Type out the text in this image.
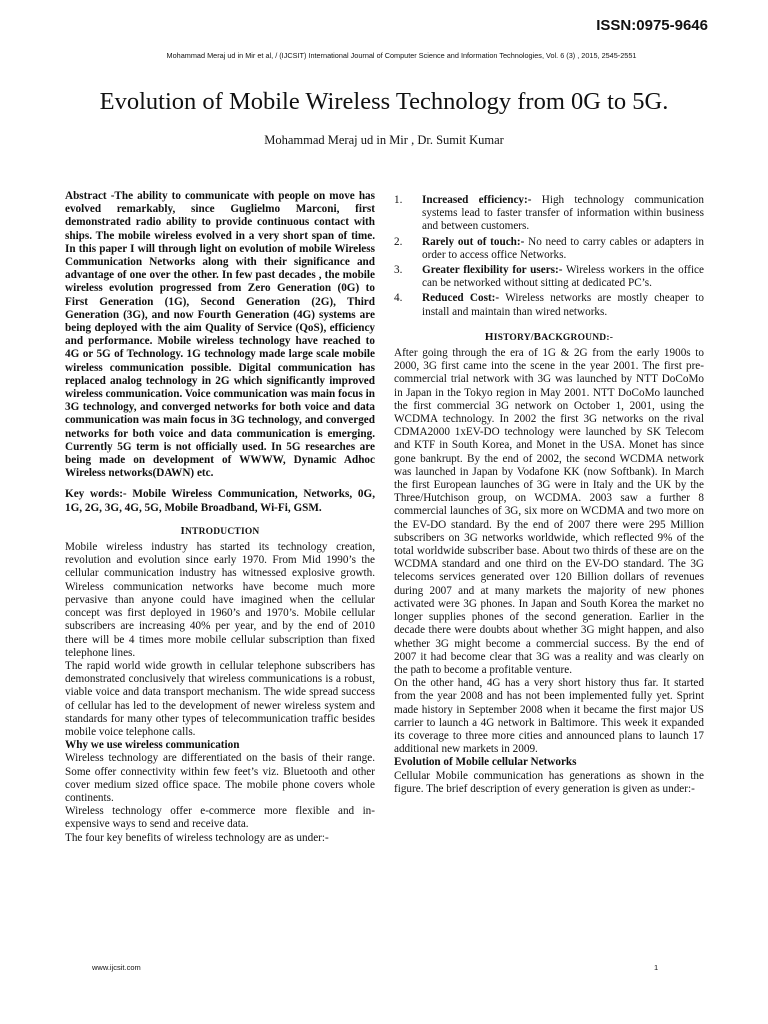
ISSN:0975-9646
Mohammad Meraj ud in Mir et al, / (IJCSIT) International Journal of Computer Science and Information Technologies, Vol. 6 (3) , 2015, 2545-2551
Evolution of Mobile Wireless Technology from 0G to 5G.
Mohammad Meraj ud in Mir , Dr. Sumit Kumar

Abstract -The ability to communicate with people on move has evolved remarkably, since Guglielmo Marconi, first demonstrated radio ability to provide continuous contact with ships. The mobile wireless evolved in a very short span of time. In this paper I will through light on evolution of mobile Wireless Communication Networks along with their significance and advantage of one over the other. In few past decades , the mobile wireless evolution progressed from Zero Generation (0G) to First Generation (1G), Second Generation (2G), Third Generation (3G), and now Fourth Generation (4G) systems are being deployed with the aim Quality of Service (QoS), efficiency and performance. Mobile wireless technology have reached to 4G or 5G of Technology. 1G technology made large scale mobile wireless communication possible. Digital communication has replaced analog technology in 2G which significantly improved wireless communication. Voice communication was main focus in 3G technology, and converged networks for both voice and data communication was main focus in 3G technology, and converged networks for both voice and data communication is emerging. Currently 5G term is not officially used. In 5G researches are being made on development of WWWW, Dynamic Adhoc Wireless networks(DAWN) etc.

Key words:- Mobile Wireless Communication, Networks, 0G, 1G, 2G, 3G, 4G, 5G, Mobile Broadband, Wi-Fi, GSM.

INTRODUCTION

Mobile wireless industry has started its technology creation, revolution and evolution since early 1970. From Mid 1990’s the cellular communication industry has witnessed explosive growth. Wireless communication networks have become much more pervasive than anyone could have imagined when the cellular concept was first deployed in 1960’s and 1970’s. Mobile cellular subscribers are increasing 40% per year, and by the end of 2010 there will be 4 times more mobile cellular subscription than fixed telephone lines.

The rapid world wide growth in cellular telephone subscribers has demonstrated conclusively that wireless communications is a robust, viable voice and data transport mechanism. The wide spread success of cellular has led to the development of newer wireless system and standards for many other types of telecommunication traffic besides mobile voice telephone calls.

Why we use wireless communication

Wireless technology are differentiated on the basis of their range. Some offer connectivity within few feet’s viz. Bluetooth and other cover medium sized office space. The mobile phone covers whole continents.

Wireless technology offer e-commerce more flexible and in-expensive ways to send and receive data.

The four key benefits of wireless technology are as under:-

1.	Increased efficiency:- High technology communication systems lead to faster transfer of information within business and between customers.
2.	Rarely out of touch:- No need to carry cables or adapters in order to access office Networks.
3.	Greater flexibility for users:- Wireless workers in the office can be networked without sitting at dedicated PC’s.
4.	Reduced Cost:- Wireless networks are mostly cheaper to install and maintain than wired networks.
HISTORY/BACKGROUND:-

After going through the era of 1G & 2G from the early 1900s to 2000, 3G first came into the scene in the year 2001. The first pre-commercial trial network with 3G was launched by NTT DoCoMo in Japan in the Tokyo region in May 2001. NTT DoCoMo launched the first commercial 3G network on October 1, 2001, using the WCDMA technology. In 2002 the first 3G networks on the rival CDMA2000 1xEV-DO technology were launched by SK Telecom and KTF in South Korea, and Monet in the USA. Monet has since gone bankrupt. By the end of 2002, the second WCDMA network was launched in Japan by Vodafone KK (now Softbank). In March the first European launches of 3G were in Italy and the UK by the Three/Hutchison group, on WCDMA. 2003 saw a further 8 commercial launches of 3G, six more on WCDMA and two more on the EV-DO standard. By the end of 2007 there were 295 Million subscribers on 3G networks worldwide, which reflected 9% of the total worldwide subscriber base. About two thirds of these are on the WCDMA standard and one third on the EV-DO standard. The 3G telecoms services generated over 120 Billion dollars of revenues during 2007 and at many markets the majority of new phones activated were 3G phones. In Japan and South Korea the market no longer supplies phones of the second generation. Earlier in the decade there were doubts about whether 3G might happen, and also whether 3G might become a commercial success. By the end of 2007 it had become clear that 3G was a reality and was clearly on the path to become a profitable venture.

On the other hand, 4G has a very short history thus far. It started from the year 2008 and has not been implemented fully yet. Sprint made history in September 2008 when it became the first major US carrier to launch a 4G network in Baltimore. This week it expanded its coverage to three more cities and announced plans to launch 17 additional new markets in 2009.

Evolution of Mobile cellular Networks

Cellular Mobile communication has generations as shown in the figure. The brief description of every generation is given as under:-

www.ijcsit.com	1
